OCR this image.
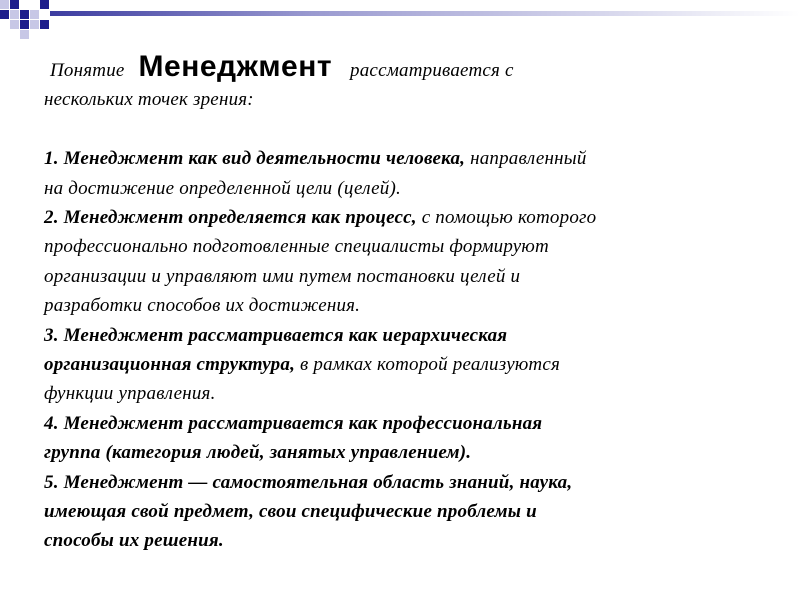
Понятие Менеджмент рассматривается с
нескольких точек зрения:
1. Менеджмент как вид деятельности человека, направленный
на достижение определенной цели (целей).
2. Менеджмент определяется как процесс, с помощью которого
профессионально подготовленные специалисты формируют
организации и управляют ими путем постановки целей и
разработки способов их достижения.
3. Менеджмент рассматривается как иерархическая
организационная структура, в рамках которой реализуются
функции управления.
4. Менеджмент рассматривается как профессиональная
группа (категория людей, занятых управлением).
5. Менеджмент — самостоятельная область знаний, наука,
имеющая свой предмет, свои специфические проблемы и
способы их решения.
